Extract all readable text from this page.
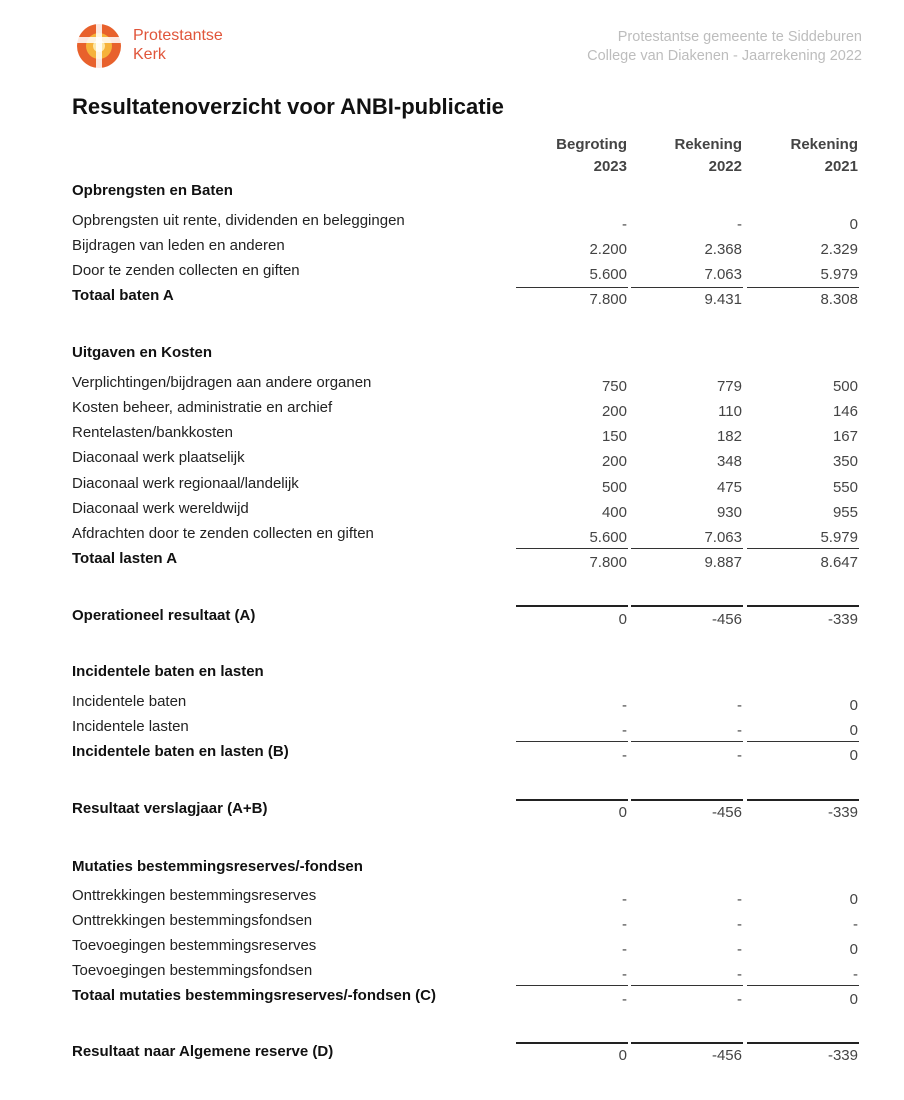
Protestantse
Kerk
Protestantse gemeente te Siddeburen
College van Diakenen - Jaarrekening 2022
Resultatenoverzicht voor ANBI-publicatie
Begroting
2023
Rekening
2022
Rekening
2021
Opbrengsten en Baten
Opbrengsten uit rente, dividenden en beleggingen	-	-	0
Bijdragen van leden en anderen	2.200	2.368	2.329
Door te zenden collecten en giften	5.600	7.063	5.979
Totaal baten A	7.800	9.431	8.308
Uitgaven en Kosten
Verplichtingen/bijdragen aan andere organen	750	779	500
Kosten beheer, administratie en archief	200	110	146
Rentelasten/bankkosten	150	182	167
Diaconaal werk plaatselijk	200	348	350
Diaconaal werk regionaal/landelijk	500	475	550
Diaconaal werk wereldwijd	400	930	955
Afdrachten door te zenden collecten en giften	5.600	7.063	5.979
Totaal lasten A	7.800	9.887	8.647
Operationeel resultaat (A)	0	-456	-339
Incidentele baten en lasten
Incidentele baten	-	-	0
Incidentele lasten	-	-	0
Incidentele baten en lasten (B)	-	-	0
Resultaat verslagjaar (A+B)	0	-456	-339
Mutaties bestemmingsreserves/-fondsen
Onttrekkingen bestemmingsreserves	-	-	0
Onttrekkingen bestemmingsfondsen	-	-	-
Toevoegingen bestemmingsreserves	-	-	0
Toevoegingen bestemmingsfondsen	-	-	-
Totaal mutaties bestemmingsreserves/-fondsen (C)	-	-	0
Resultaat naar Algemene reserve (D)	0	-456	-339
